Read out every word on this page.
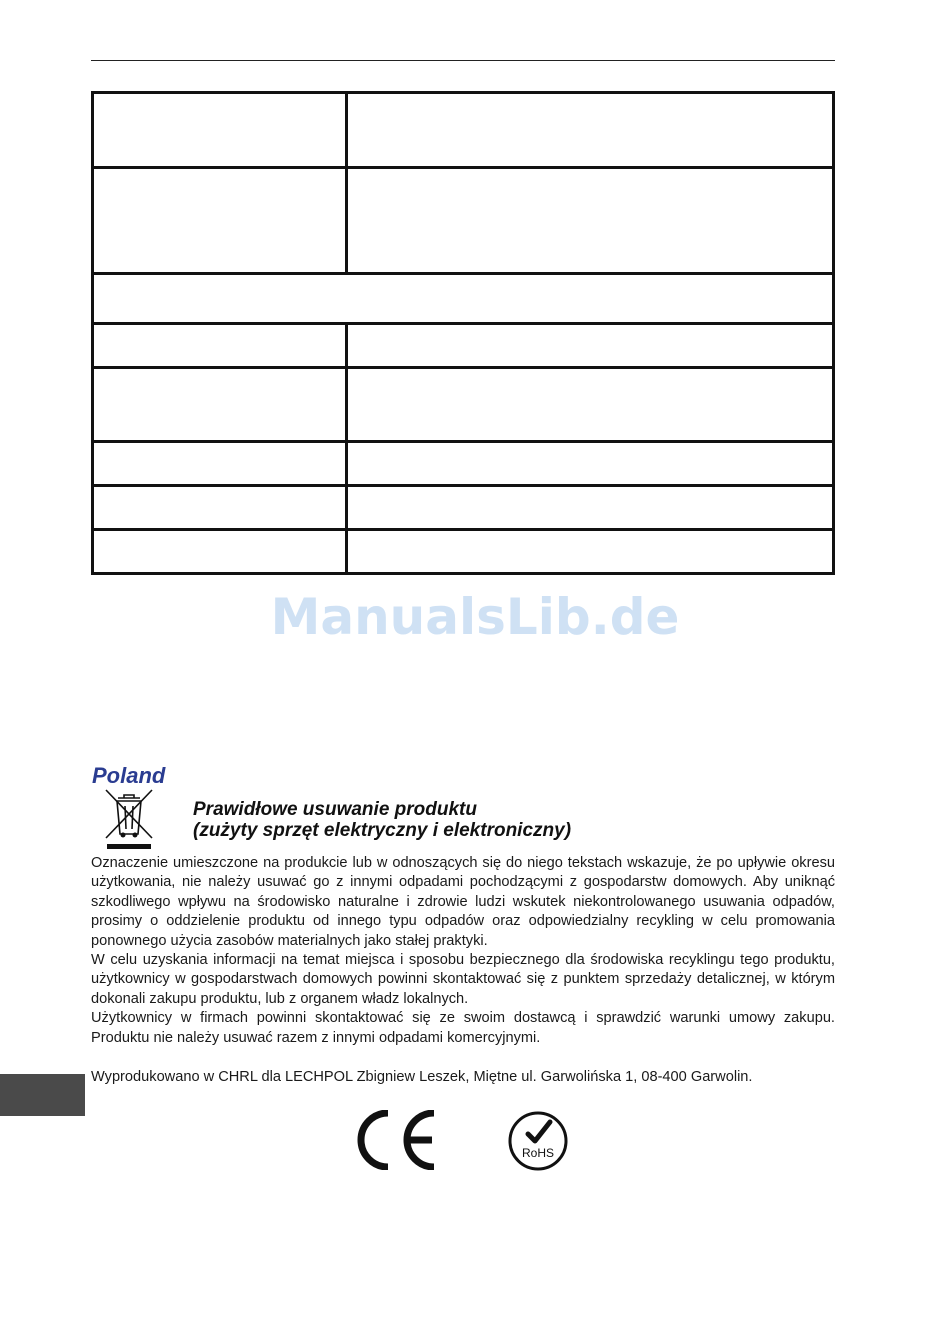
ManualsLib.de
Poland
Prawidłowe usuwanie produktu
(zużyty sprzęt elektryczny i elektroniczny)

Oznaczenie umieszczone na produkcie lub w odnoszących się do niego tekstach wskazuje, że po upływie okresu użytkowania, nie należy usuwać go z innymi odpadami pochodzącymi z gospodarstw domowych. Aby uniknąć szkodliwego wpływu na środowisko naturalne i zdrowie ludzi wskutek niekontrolowanego usuwania odpadów, prosimy o oddzielenie produktu od innego typu odpadów oraz odpowiedzialny recykling w celu promowania ponownego użycia zasobów materialnych jako stałej praktyki.

W celu uzyskania informacji na temat miejsca i sposobu bezpiecznego dla środowiska recyklingu tego produktu, użytkownicy w gospodarstwach domowych powinni skontaktować się z punktem sprzedaży detalicznej, w którym dokonali zakupu produktu, lub z organem władz lokalnych.

Użytkownicy w firmach powinni skontaktować się ze swoim dostawcą i sprawdzić warunki umowy zakupu. Produktu nie należy usuwać razem z innymi odpadami komercyjnymi.

Wyprodukowano w CHRL dla LECHPOL Zbigniew Leszek, Miętne ul. Garwolińska 1, 08-400 Garwolin.
RoHS
